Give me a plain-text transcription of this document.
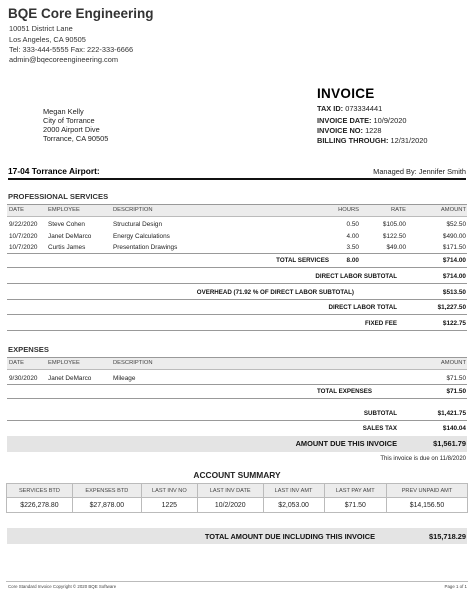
BQE Core Engineering
10051 District Lane
Los Angeles, CA 90505
Tel: 333-444-5555 Fax: 222-333-6666
admin@bqecoreengineering.com
Megan Kelly
City of Torrance
2000 Airport Dive
Torrance, CA 90505
INVOICE
TAX ID: 073334441
INVOICE DATE: 10/9/2020
INVOICE NO: 1228
BILLING THROUGH: 12/31/2020
17-04 Torrance Airport:	Managed By: Jennifer Smith
PROFESSIONAL SERVICES
DATE	EMPLOYEE	DESCRIPTION	HOURS	RATE	AMOUNT
9/22/2020 Steve Cohen	Structural Design	0.50	$105.00	$52.50
10/7/2020 Janet DeMarco	Energy Calculations	4.00	$122.50	$490.00
10/7/2020 Curtis James	Presentation Drawings	3.50	$49.00	$171.50
TOTAL SERVICES	8.00	$714.00
DIRECT LABOR SUBTOTAL	$714.00
OVERHEAD (71.92 % OF DIRECT LABOR SUBTOTAL)	$513.50
DIRECT LABOR TOTAL	$1,227.50
FIXED FEE	$122.75
EXPENSES
DATE	EMPLOYEE	DESCRIPTION	AMOUNT
9/30/2020 Janet DeMarco	Mileage	$71.50
TOTAL EXPENSES	$71.50
SUBTOTAL	$1,421.75
SALES TAX	$140.04
AMOUNT DUE THIS INVOICE	$1,561.79
This invoice is due on 11/8/2020
ACCOUNT SUMMARY
SERVICES BTD	EXPENSES BTD	LAST INV NO	LAST INV DATE	LAST INV AMT	LAST PAY AMT	PREV UNPAID AMT
$226,278.80	$27,878.00	1225	10/2/2020	$2,053.00	$71.50	$14,156.50
TOTAL AMOUNT DUE INCLUDING THIS INVOICE	$15,718.29
Core Standard Invoice Copyright © 2020 BQE Software	Page 1 of 1
